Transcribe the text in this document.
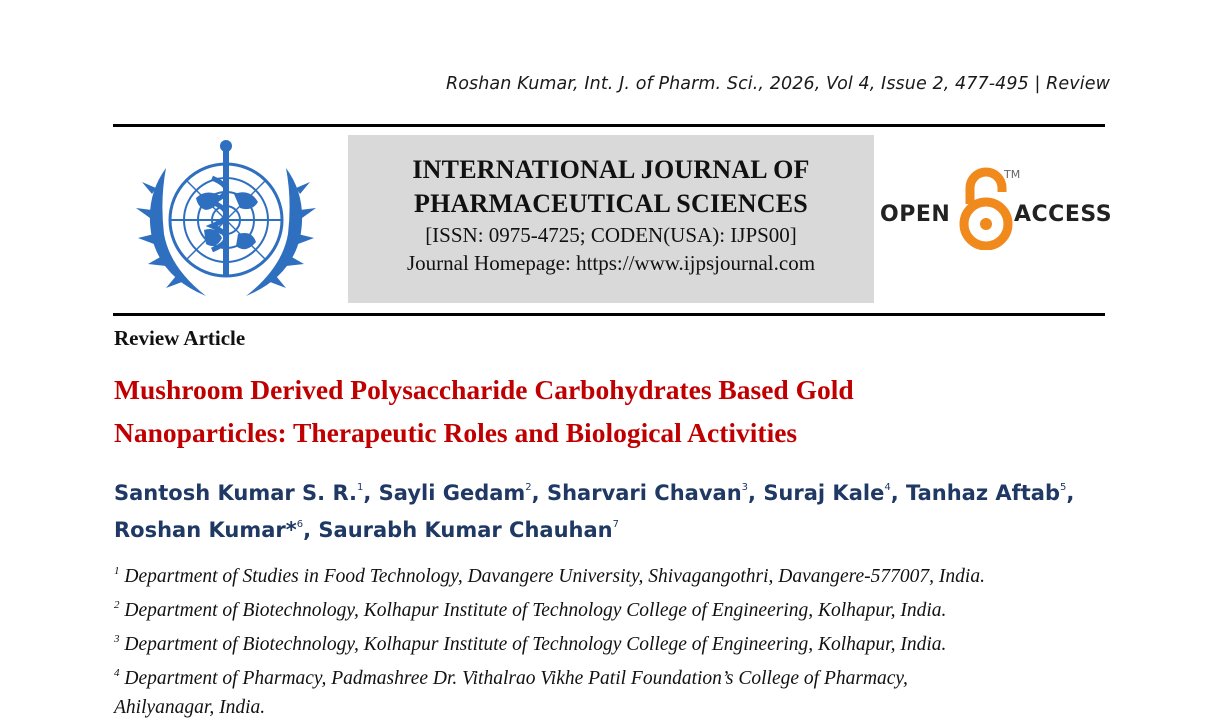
Roshan Kumar, Int. J. of Pharm. Sci., 2026, Vol 4, Issue 2, 477-495 | Review
INTERNATIONAL JOURNAL OF
PHARMACEUTICAL SCIENCES
[ISSN: 0975-4725; CODEN(USA): IJPS00]
Journal Homepage: https://www.ijpsjournal.com
OPEN
TM
ACCESS
Review Article
Mushroom Derived Polysaccharide Carbohydrates Based Gold
Nanoparticles: Therapeutic Roles and Biological Activities
Santosh Kumar S. R.$^1$, Sayli Gedam$^2$, Sharvari Chavan$^3$, Suraj Kale$^4$, Tanhaz Aftab$^5$,
Roshan Kumar*$^6$, Saurabh Kumar Chauhan$^7$
$^1$ Department of Studies in Food Technology, Davangere University, Shivagangothri, Davangere-577007, India.
$^2$ Department of Biotechnology, Kolhapur Institute of Technology College of Engineering, Kolhapur, India.
$^3$ Department of Biotechnology, Kolhapur Institute of Technology College of Engineering, Kolhapur, India.
$^4$ Department of Pharmacy, Padmashree Dr. Vithalrao Vikhe Patil Foundation’s College of Pharmacy,
Ahilyanagar, India.
